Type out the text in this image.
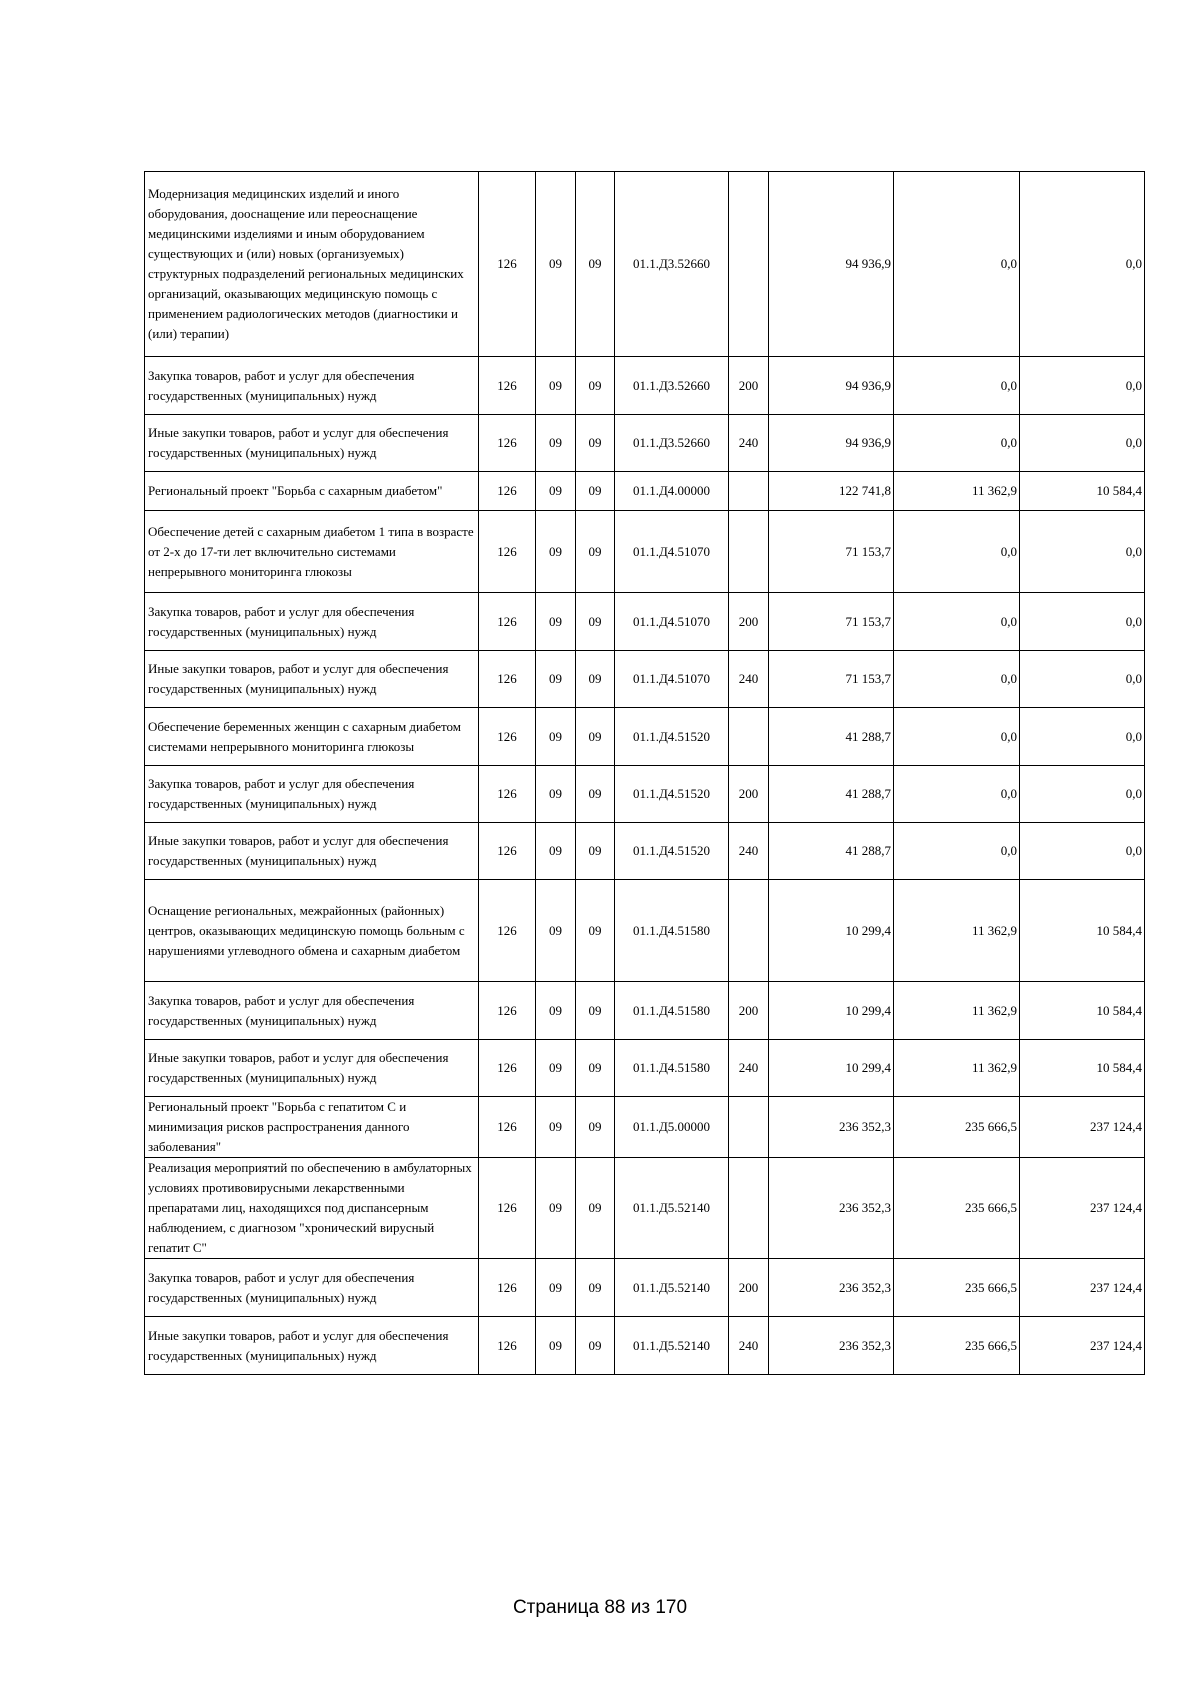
Модернизация медицинских изделий и иного оборудования, дооснащение или переоснащение медицинскими изделиями и иным оборудованием существующих и (или) новых (организуемых) структурных подразделений региональных медицинских организаций, оказывающих медицинскую помощь с применением радиологических методов (диагностики и (или) терапии)	126	09	09	01.1.Д3.52660		94 936,9	0,0	0,0
Закупка товаров, работ и услуг для обеспечения государственных (муниципальных) нужд	126	09	09	01.1.Д3.52660	200	94 936,9	0,0	0,0
Иные закупки товаров, работ и услуг для обеспечения государственных (муниципальных) нужд	126	09	09	01.1.Д3.52660	240	94 936,9	0,0	0,0
Региональный проект "Борьба с сахарным диабетом"	126	09	09	01.1.Д4.00000		122 741,8	11 362,9	10 584,4
Обеспечение детей с сахарным диабетом 1 типа в возрасте от 2-х до 17-ти лет включительно системами непрерывного мониторинга глюкозы	126	09	09	01.1.Д4.51070		71 153,7	0,0	0,0
Закупка товаров, работ и услуг для обеспечения государственных (муниципальных) нужд	126	09	09	01.1.Д4.51070	200	71 153,7	0,0	0,0
Иные закупки товаров, работ и услуг для обеспечения государственных (муниципальных) нужд	126	09	09	01.1.Д4.51070	240	71 153,7	0,0	0,0
Обеспечение беременных женщин с сахарным диабетом системами непрерывного мониторинга глюкозы	126	09	09	01.1.Д4.51520		41 288,7	0,0	0,0
Закупка товаров, работ и услуг для обеспечения государственных (муниципальных) нужд	126	09	09	01.1.Д4.51520	200	41 288,7	0,0	0,0
Иные закупки товаров, работ и услуг для обеспечения государственных (муниципальных) нужд	126	09	09	01.1.Д4.51520	240	41 288,7	0,0	0,0
Оснащение региональных, межрайонных (районных) центров, оказывающих медицинскую помощь больным с нарушениями углеводного обмена и сахарным диабетом	126	09	09	01.1.Д4.51580		10 299,4	11 362,9	10 584,4
Закупка товаров, работ и услуг для обеспечения государственных (муниципальных) нужд	126	09	09	01.1.Д4.51580	200	10 299,4	11 362,9	10 584,4
Иные закупки товаров, работ и услуг для обеспечения государственных (муниципальных) нужд	126	09	09	01.1.Д4.51580	240	10 299,4	11 362,9	10 584,4
Региональный проект "Борьба с гепатитом С и минимизация рисков распространения данного заболевания"	126	09	09	01.1.Д5.00000		236 352,3	235 666,5	237 124,4
Реализация мероприятий по обеспечению в амбулаторных условиях противовирусными лекарственными препаратами лиц, находящихся под диспансерным наблюдением, с диагнозом "хронический вирусный гепатит С"	126	09	09	01.1.Д5.52140		236 352,3	235 666,5	237 124,4
Закупка товаров, работ и услуг для обеспечения государственных (муниципальных) нужд	126	09	09	01.1.Д5.52140	200	236 352,3	235 666,5	237 124,4
Иные закупки товаров, работ и услуг для обеспечения государственных (муниципальных) нужд	126	09	09	01.1.Д5.52140	240	236 352,3	235 666,5	237 124,4
Страница 88 из 170
